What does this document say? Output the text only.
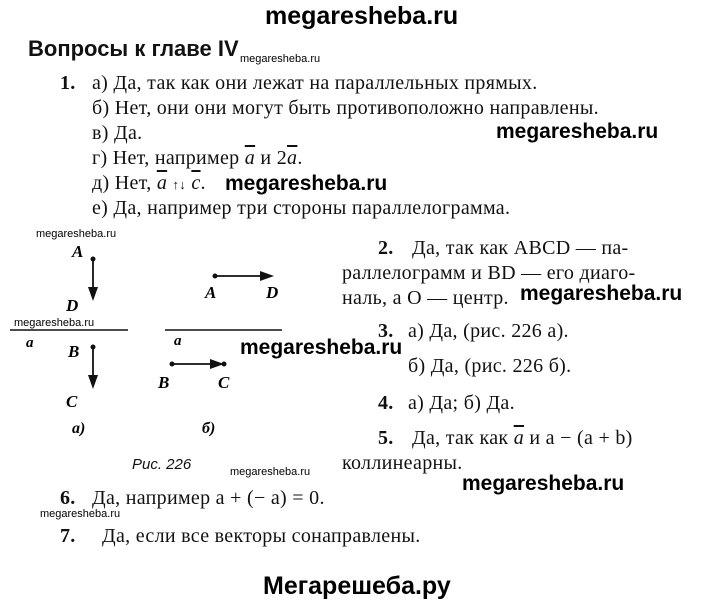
megaresheba.ru
Вопросы к главе IV megaresheba.ru
1. а) Да, так как они лежат на параллельных прямых.
б) Нет, они они могут быть противоположно направлены.
в) Да.	megaresheba.ru
г) Нет, например $\overline{a}$ и $2\overline{a}$.
д) Нет, $\overline{a}$ ↑↓ $\overline{c}$. megaresheba.ru
е) Да, например три стороны параллелограмма.
megaresheba.ru
megaresheba.ru
A
D
a B
C
а)
A	D
a
B	C
б)
Рис. 226
2. Да, так как ABCD — па-
раллелограмм и BD — его диаго-
наль, а O — центр. megaresheba.ru
3. а) Да, (рис. 226 а).
megaresheba.ru
б) Да, (рис. 226 б).
4. а) Да; б) Да.
5. Да, так как $\overline{a}$ и a − (a + b)
коллинеарны.
megaresheba.ru	megaresheba.ru
megaresheba.ru
6. Да, например a + (− a) = 0.
7. Да, если все векторы сонаправлены.
Мегарешеба.ру
